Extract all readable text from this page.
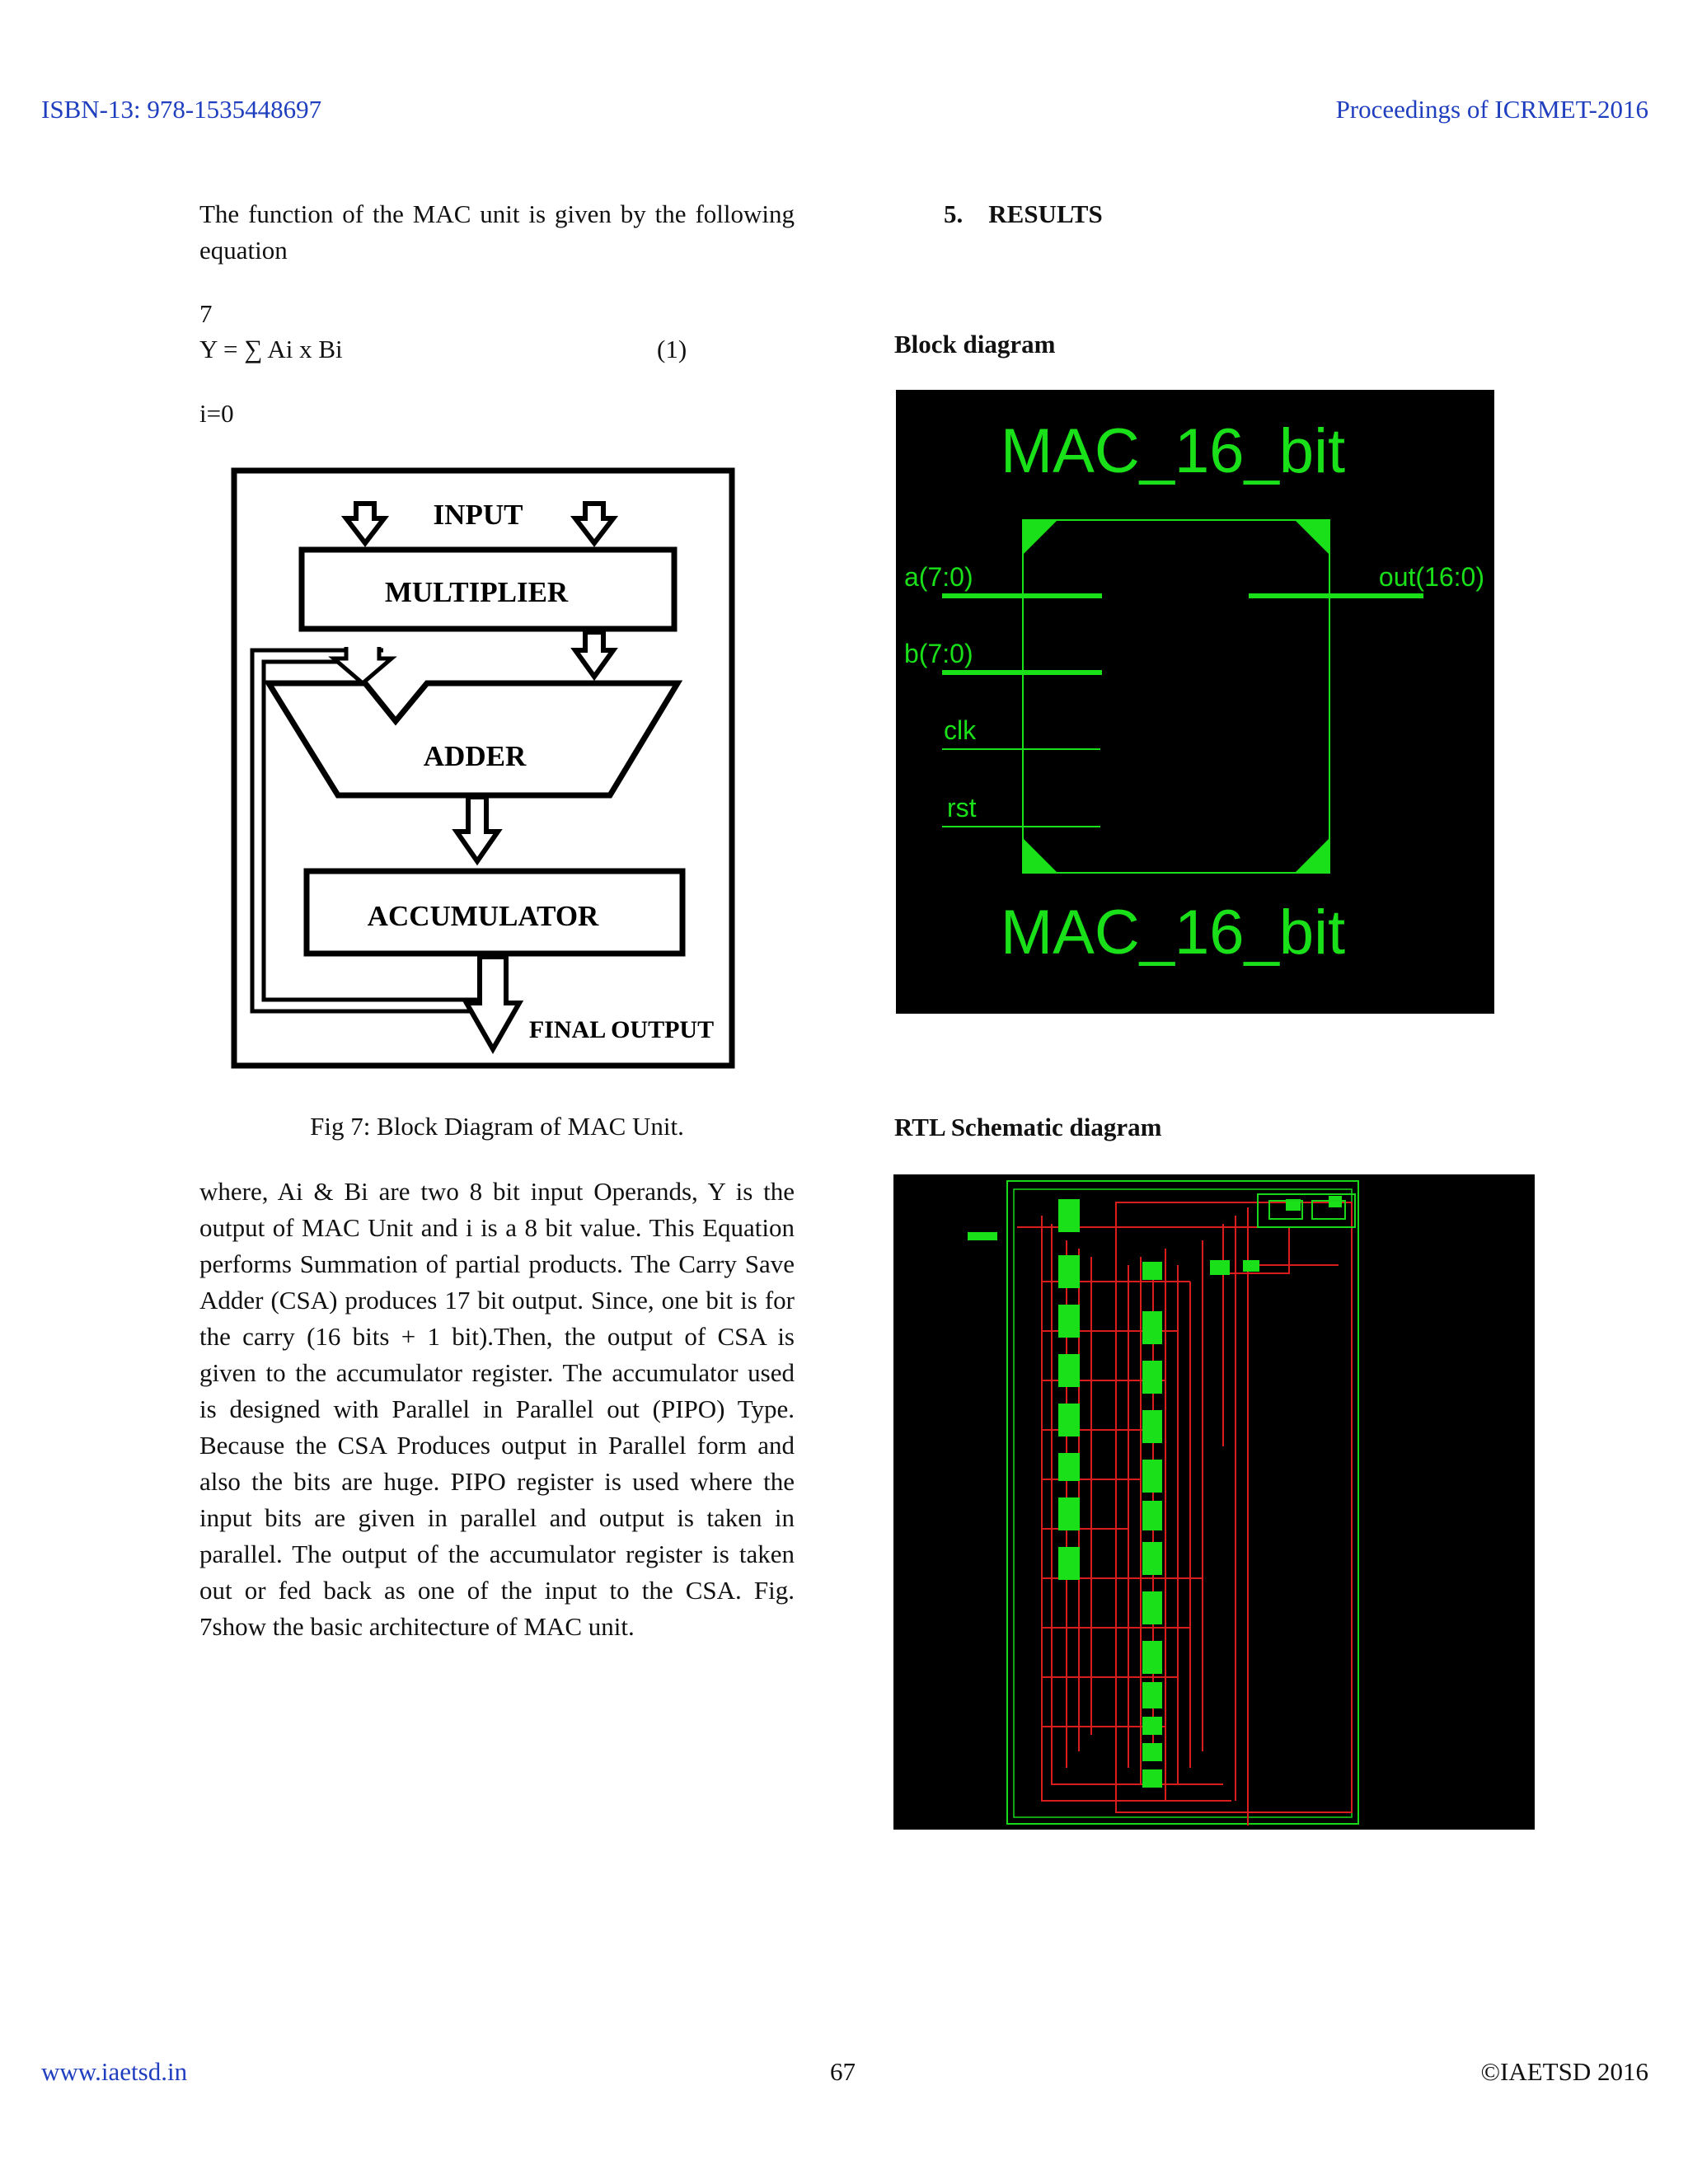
ISBN-13: 978-1535448697	Proceedings of ICRMET-2016
The function of the MAC unit is given by the following equation
7
Y = ∑ Ai x Bi	(1)
i=0
INPUT
MULTIPLIER
ADDER
ACCUMULATOR
FINAL OUTPUT
Fig 7: Block Diagram of MAC Unit.
where, Ai & Bi are two 8 bit input Operands, Y is the output of MAC Unit and i is a 8 bit value. This Equation performs Summation of partial products. The Carry Save Adder (CSA) produces 17 bit output. Since, one bit is for the carry (16 bits + 1 bit).Then, the output of CSA is given to the accumulator register. The accumulator used is designed with Parallel in Parallel out (PIPO) Type. Because the CSA Produces output in Parallel form and also the bits are huge. PIPO register is used where the input bits are given in parallel and output is taken in parallel. The output of the accumulator register is taken out or fed back as one of the input to the CSA. Fig. 7show the basic architecture of MAC unit.
5.    RESULTS
Block diagram
MAC_16_bit
a(7:0)
b(7:0)
clk
rst
out(16:0)
MAC_16_bit
RTL Schematic diagram
www.iaetsd.in	67	©IAETSD 2016
